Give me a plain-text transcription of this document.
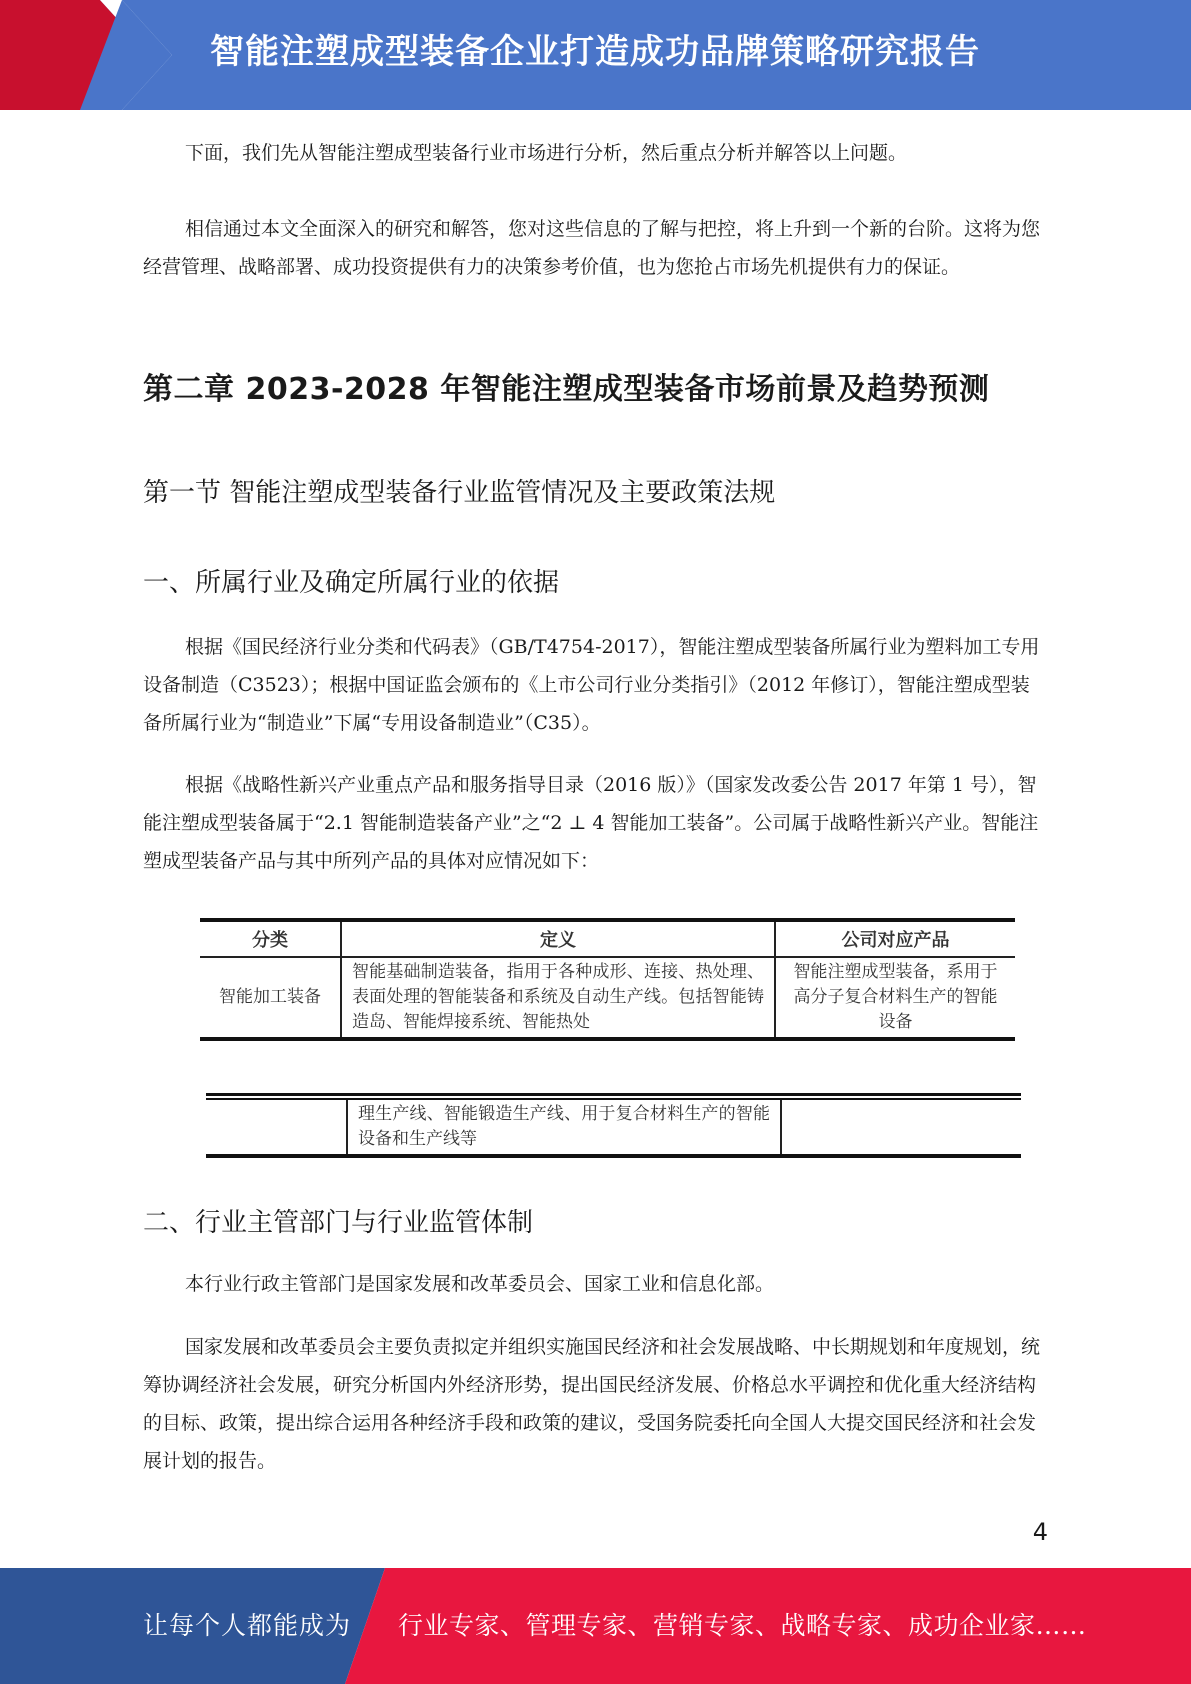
智能注塑成型装备企业打造成功品牌策略研究报告

下面，我们先从智能注塑成型装备行业市场进行分析，然后重点分析并解答以上问题。

相信通过本文全面深入的研究和解答，您对这些信息的了解与把控，将上升到一个新的台阶。这将为您经营管理、战略部署、成功投资提供有力的决策参考价值，也为您抢占市场先机提供有力的保证。

第二章 2023-2028 年智能注塑成型装备市场前景及趋势预测
第一节 智能注塑成型装备行业监管情况及主要政策法规
一、所属行业及确定所属行业的依据

根据《国民经济行业分类和代码表》（GB/T4754-2017），智能注塑成型装备所属行业为塑料加工专用设备制造（C3523）；根据中国证监会颁布的《上市公司行业分类指引》（2012 年修订），智能注塑成型装备所属行业为“制造业”下属“专用设备制造业”（C35）。

根据《战略性新兴产业重点产品和服务指导目录（2016 版）》（国家发改委公告 2017 年第 1 号），智能注塑成型装备属于“2.1 智能制造装备产业”之“2 ⊥ 4 智能加工装备”。公司属于战略性新兴产业。智能注塑成型装备产品与其中所列产品的具体对应情况如下：

分类	定义	公司对应产品
智能加工装备	智能基础制造装备，指用于各种成形、连接、热处理、表面处理的智能装备和系统及自动生产线。包括智能铸造岛、智能焊接系统、智能热处	智能注塑成型装备，系用于高分子复合材料生产的智能设备
	理生产线、智能锻造生产线、用于复合材料生产的智能设备和生产线等	
二、行业主管部门与行业监管体制

本行业行政主管部门是国家发展和改革委员会、国家工业和信息化部。

国家发展和改革委员会主要负责拟定并组织实施国民经济和社会发展战略、中长期规划和年度规划，统筹协调经济社会发展，研究分析国内外经济形势，提出国民经济发展、价格总水平调控和优化重大经济结构的目标、政策，提出综合运用各种经济手段和政策的建议，受国务院委托向全国人大提交国民经济和社会发展计划的报告。

4
让每个人都能成为 行业专家、管理专家、营销专家、战略专家、成功企业家……
